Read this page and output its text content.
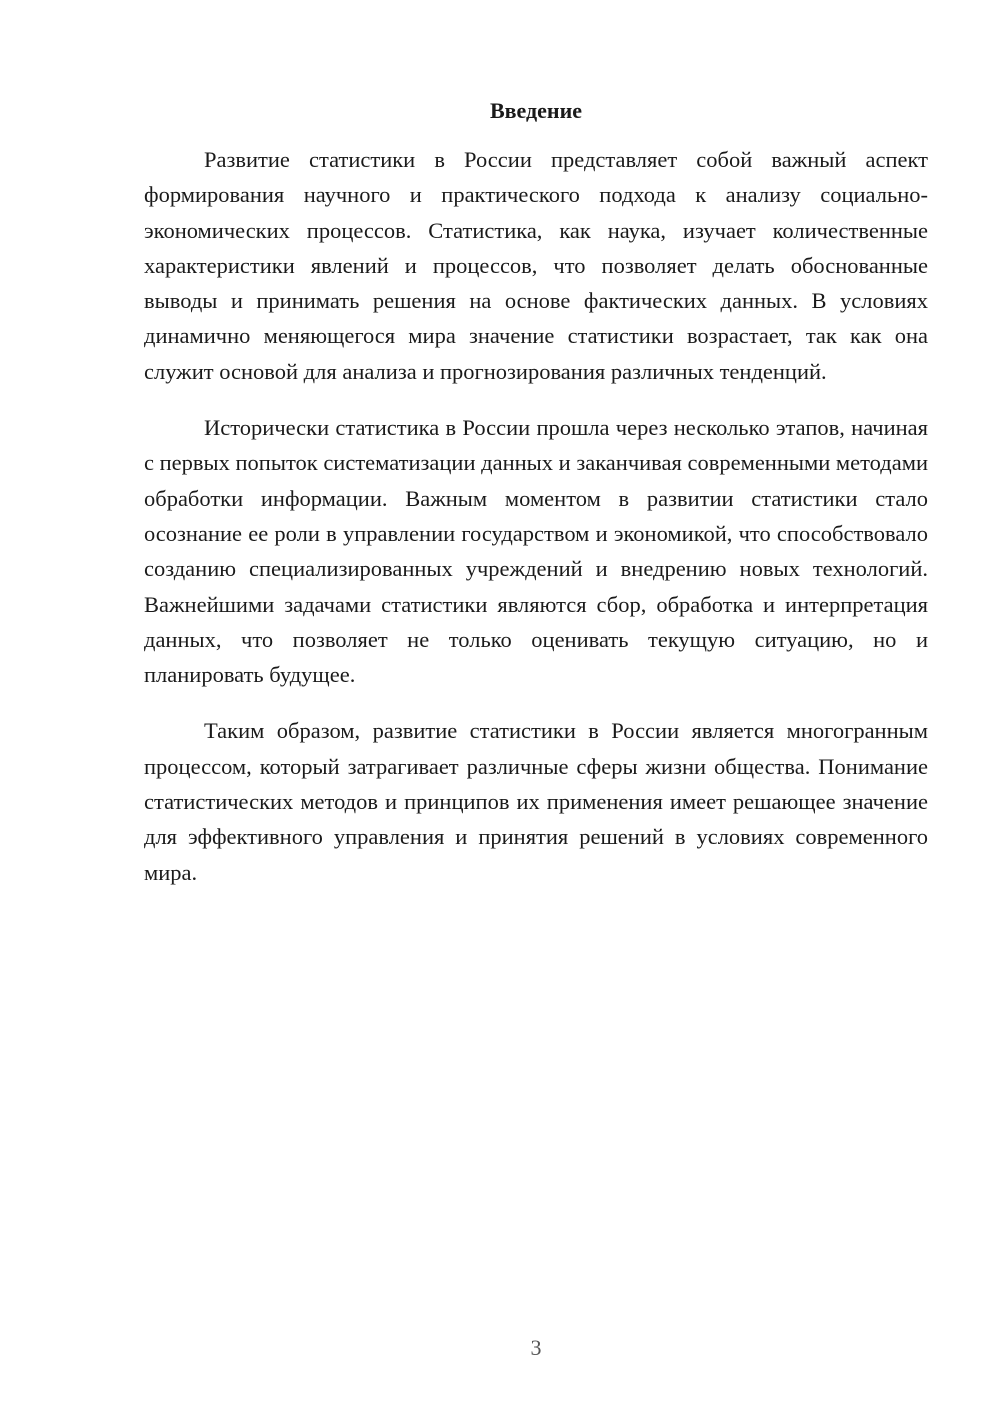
Введение

Развитие статистики в России представляет собой важный аспект формирования научного и практического подхода к анализу социально-экономических процессов. Статистика, как наука, изучает количественные характеристики явлений и процессов, что позволяет делать обоснованные выводы и принимать решения на основе фактических данных. В условиях динамично меняющегося мира значение статистики возрастает, так как она служит основой для анализа и прогнозирования различных тенденций.

Исторически статистика в России прошла через несколько этапов, начиная с первых попыток систематизации данных и заканчивая современными методами обработки информации. Важным моментом в развитии статистики стало осознание ее роли в управлении государством и экономикой, что способствовало созданию специализированных учреждений и внедрению новых технологий. Важнейшими задачами статистики являются сбор, обработка и интерпретация данных, что позволяет не только оценивать текущую ситуацию, но и планировать будущее.

Таким образом, развитие статистики в России является многогранным процессом, который затрагивает различные сферы жизни общества. Понимание статистических методов и принципов их применения имеет решающее значение для эффективного управления и принятия решений в условиях современного мира.

3
